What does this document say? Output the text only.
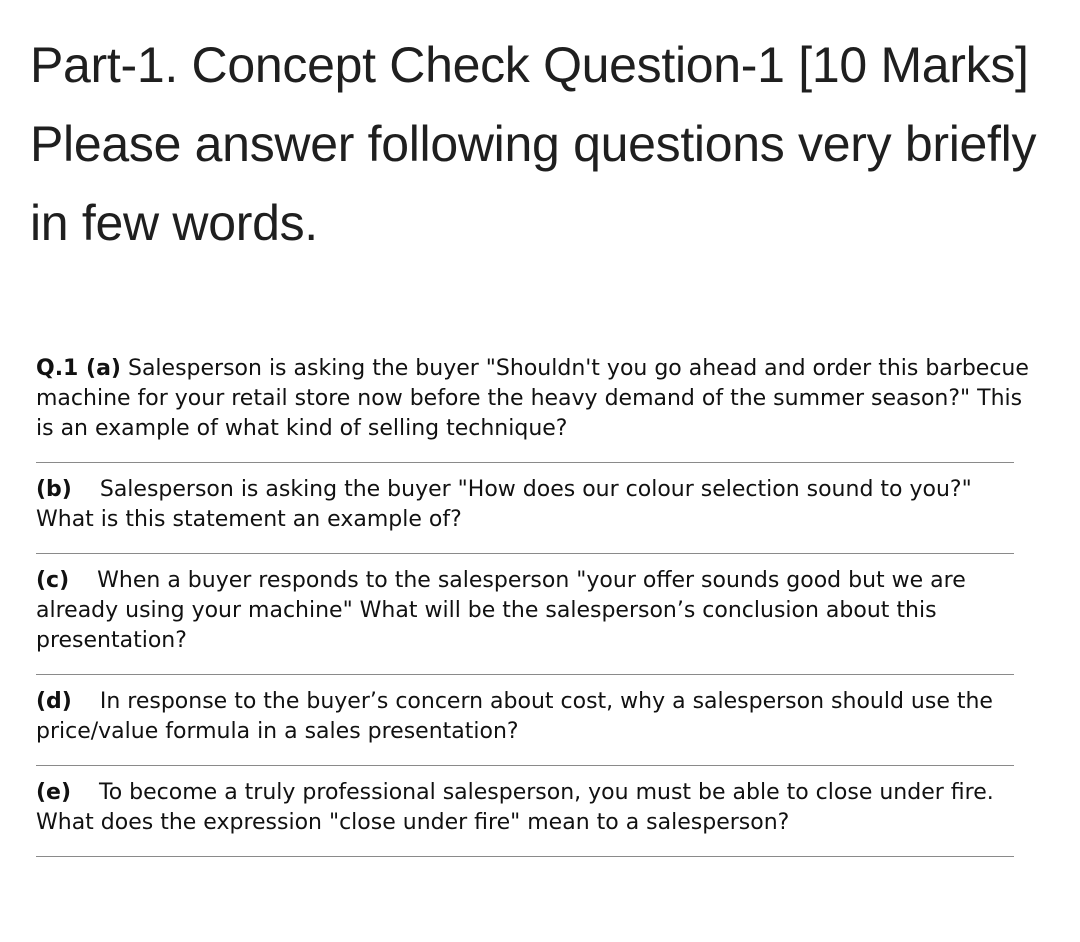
Part-1. Concept Check Question-1 [10 Marks] Please answer following questions very briefly in few words.

Q.1 (a) Salesperson is asking the buyer "Shouldn't you go ahead and order this barbecue machine for your retail store now before the heavy demand of the summer season?" This is an example of what kind of selling technique?

(b) Salesperson is asking the buyer "How does our colour selection sound to you?" What is this statement an example of?

(c) When a buyer responds to the salesperson "your offer sounds good but we are already using your machine" What will be the salesperson’s conclusion about this presentation?

(d) In response to the buyer’s concern about cost, why a salesperson should use the price/value formula in a sales presentation?

(e) To become a truly professional salesperson, you must be able to close under fire. What does the expression "close under fire" mean to a salesperson?
